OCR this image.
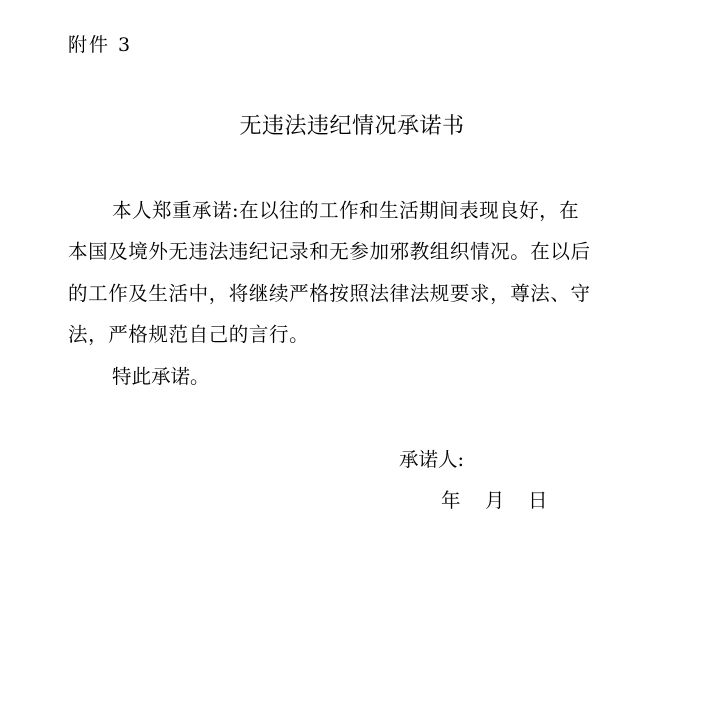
附件 3
无违法违纪情况承诺书
本人郑重承诺:在以往的工作和生活期间表现良好，在
本国及境外无违法违纪记录和无参加邪教组织情况。在以后
的工作及生活中，将继续严格按照法律法规要求，尊法、守
法，严格规范自己的言行。
特此承诺。
承诺人:
年 月 日
